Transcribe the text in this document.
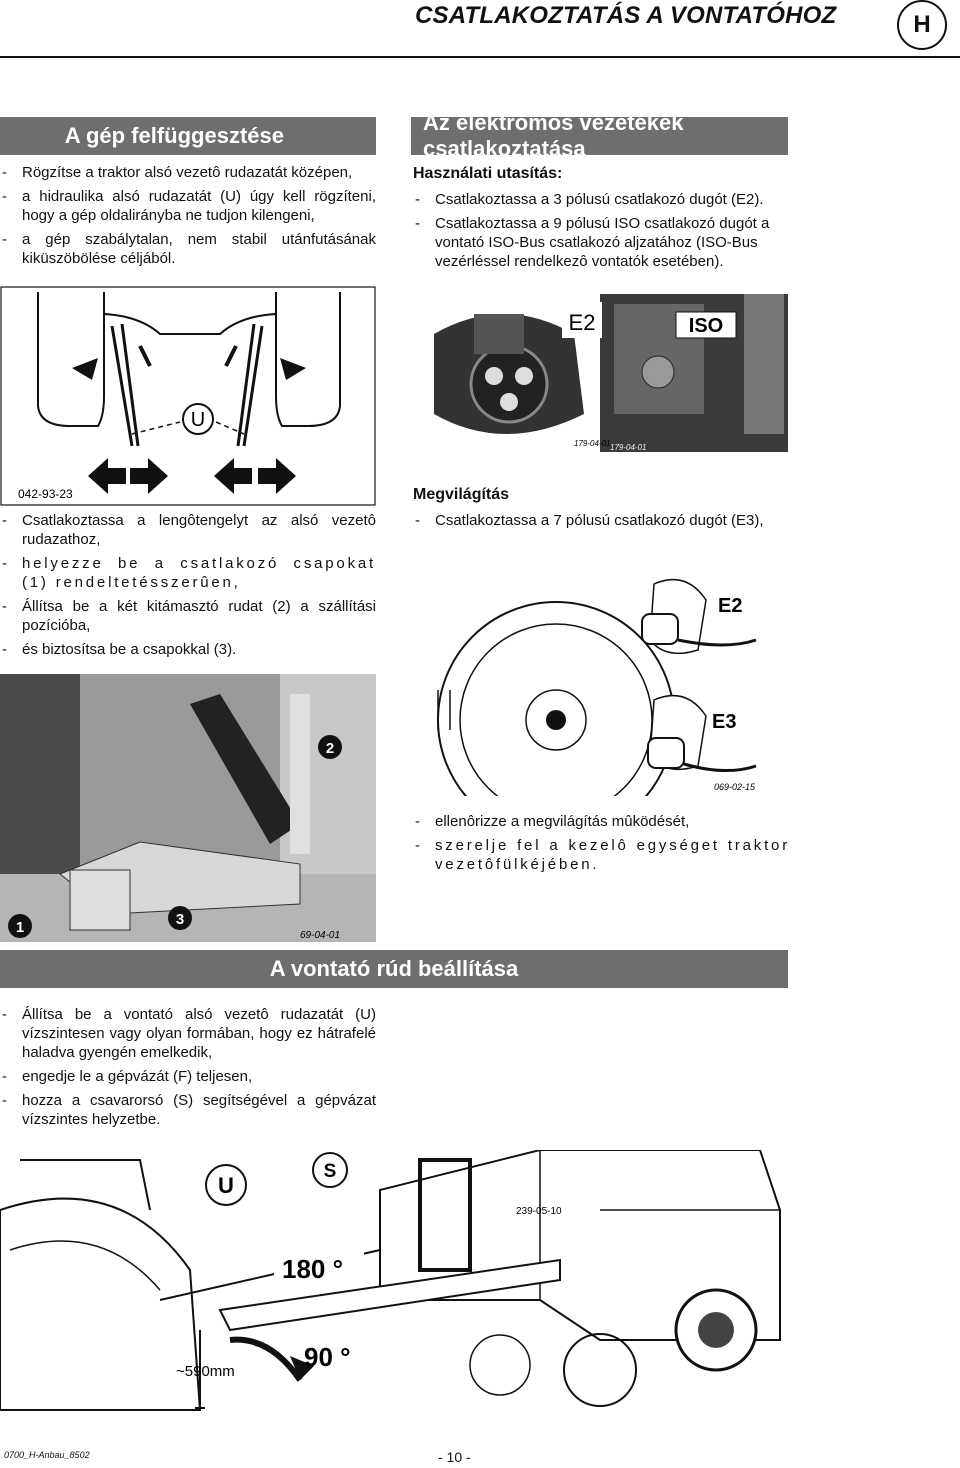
CSATLAKOZTATÁS A VONTATÓHOZ	H
A gép felfüggesztése
- Rögzítse a traktor alsó vezetô rudazatát középen,
- a hidraulika alsó rudazatát (U) úgy kell rögzíteni, hogy a gép oldalirányba ne tudjon kilengeni,
- a gép szabálytalan, nem stabil utánfutásának kiküszöbölése céljából.
U
042-93-23
- Csatlakoztassa a lengôtengelyt az alsó vezetô rudazathoz,
- helyezze be a csatlakozó csapokat (1) rendeltetésszerûen,
- Állítsa be a két kitámasztó rudat (2) a szállítási pozícióba,
- és biztosítsa be a csapokkal (3).
1
2
3
69-04-01
Az elektromos vezetékek csatlakoztatása
Használati utasítás:
- Csatlakoztassa a 3 pólusú csatlakozó dugót (E2).
- Csatlakoztassa a 9 pólusú ISO csatlakozó dugót a vontató ISO-Bus csatlakozó aljzatához (ISO-Bus vezérléssel rendelkezô vontatók esetében).
ISO
E2
179-04-01 179-04-01
Megvilágítás
- Csatlakoztassa a 7 pólusú csatlakozó dugót (E3),
E2
E3
069-02-15
- ellenôrizze a megvilágítás mûködését,
- szerelje fel a kezelô egységet traktor vezetôfülkéjében.
A vontató rúd beállítása
- Állítsa be a vontató alsó vezetô rudazatát (U) vízszintesen vagy olyan formában, hogy ez hátrafelé haladva gyengén emelkedik,
- engedje le a gépvázát (F) teljesen,
- hozza a csavarorsó (S) segítségével a gépvázat vízszintes helyzetbe.
U
S
180 °
90 °
~590mm
239-05-10
0700_H-Anbau_8502	- 10 -
